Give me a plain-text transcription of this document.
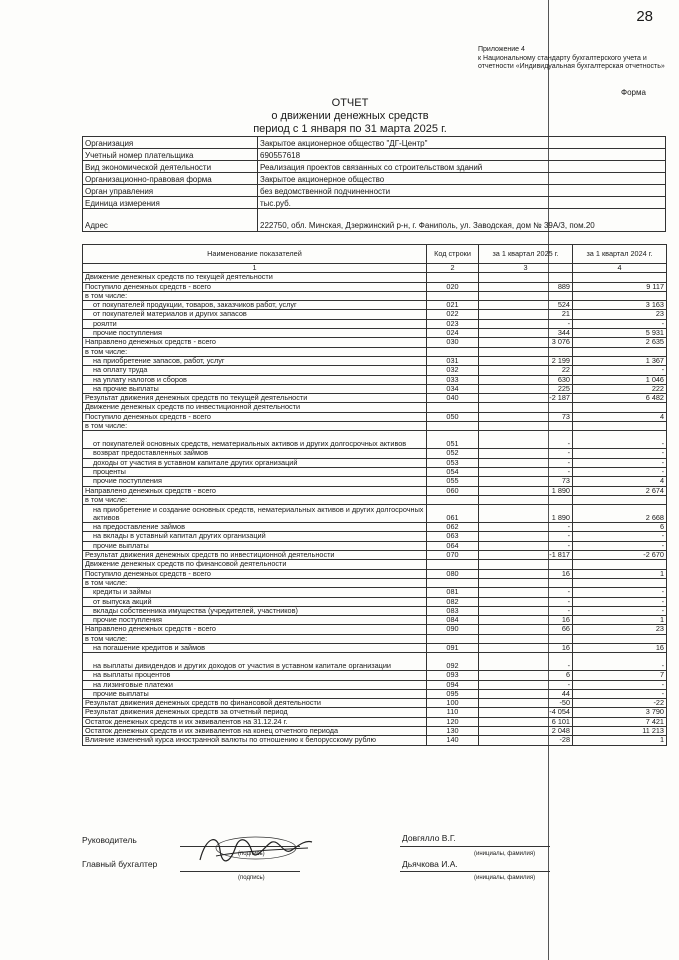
28
Приложение 4
к Национальному стандарту бухгалтерского учета и отчетности «Индивидуальная бухгалтерская отчетность»
Форма
ОТЧЕТ
о движении денежных средств
период с 1 января по 31 марта 2025 г.
Организация	Закрытое акционерное общество "ДГ-Центр"
Учетный номер плательщика	690557618
Вид экономической деятельности	Реализация проектов связанных со строительством зданий
Организационно-правовая форма	Закрытое акционерное общество
Орган управления	без ведомственной подчиненности
Единица измерения	тыс.руб.
Адрес	222750, обл. Минская, Дзержинский р-н, г. Фаниполь, ул. Заводская, дом № 39А/3, пом.20
Наименование показателей	Код строки	за 1 квартал 2025 г.	за 1 квартал 2024 г.
1	2	3	4
Движение денежных средств по текущей деятельности			
Поступило денежных средств - всего	020	889	9 117
в том числе:			
от покупателей продукции, товаров, заказчиков работ, услуг	021	524	3 163
от покупателей материалов и других запасов	022	21	23
роялти	023	-	-
прочие поступления	024	344	5 931
Направлено денежных средств - всего	030	3 076	2 635
в том числе:			
на приобретение запасов, работ, услуг	031	2 199	1 367
на оплату труда	032	22	-
на уплату налогов и сборов	033	630	1 046
на прочие выплаты	034	225	222
Результат движения денежных средств по текущей деятельности	040	-2 187	6 482
Движение денежных средств по инвестиционной деятельности			
Поступило денежных средств - всего	050	73	4
в том числе:			
от покупателей основных средств, нематериальных активов и других долгосрочных активов	051	-	-
возврат предоставленных займов	052	-	-
доходы от участия в уставном капитале других организаций	053	-	-
проценты	054	-	-
прочие поступления	055	73	4
Направлено денежных средств - всего	060	1 890	2 674
в том числе:			
на приобретение и создание основных средств, нематериальных активов и других долгосрочных активов	061	1 890	2 668
на предоставление займов	062	-	6
на вклады в уставный капитал других организаций	063	-	-
прочие выплаты	064	-	-
Результат движения денежных средств по инвестиционной деятельности	070	-1 817	-2 670
Движение денежных средств по финансовой деятельности			
Поступило денежных средств - всего	080	16	1
в том числе:			
кредиты и займы	081	-	-
от выпуска акций	082	-	-
вклады собственника имущества (учредителей, участников)	083	-	-
прочие поступления	084	16	1
Направлено денежных средств - всего	090	66	23
в том числе:			
на погашение кредитов и займов	091	16	16
на выплаты дивидендов и других доходов от участия в уставном капитале организации	092	-	-
на выплаты процентов	093	6	7
на лизинговые платежи	094	-	-
прочие выплаты	095	44	-
Результат движения денежных средств по финансовой деятельности	100	-50	-22
Результат движения денежных средств за отчетный период	110	-4 054	3 790
Остаток денежных средств и их эквивалентов на 31.12.24 г.	120	6 101	7 421
Остаток денежных средств и их эквивалентов на конец отчетного периода	130	2 048	11 213
Влияние изменений курса иностранной валюты по отношению к белорусскому рублю	140	-28	1
Руководитель	Довгялло В.Г.
(подпись)	(инициалы, фамилия)
Главный бухгалтер	Дьячкова И.А.
(подпись)	(инициалы, фамилия)
